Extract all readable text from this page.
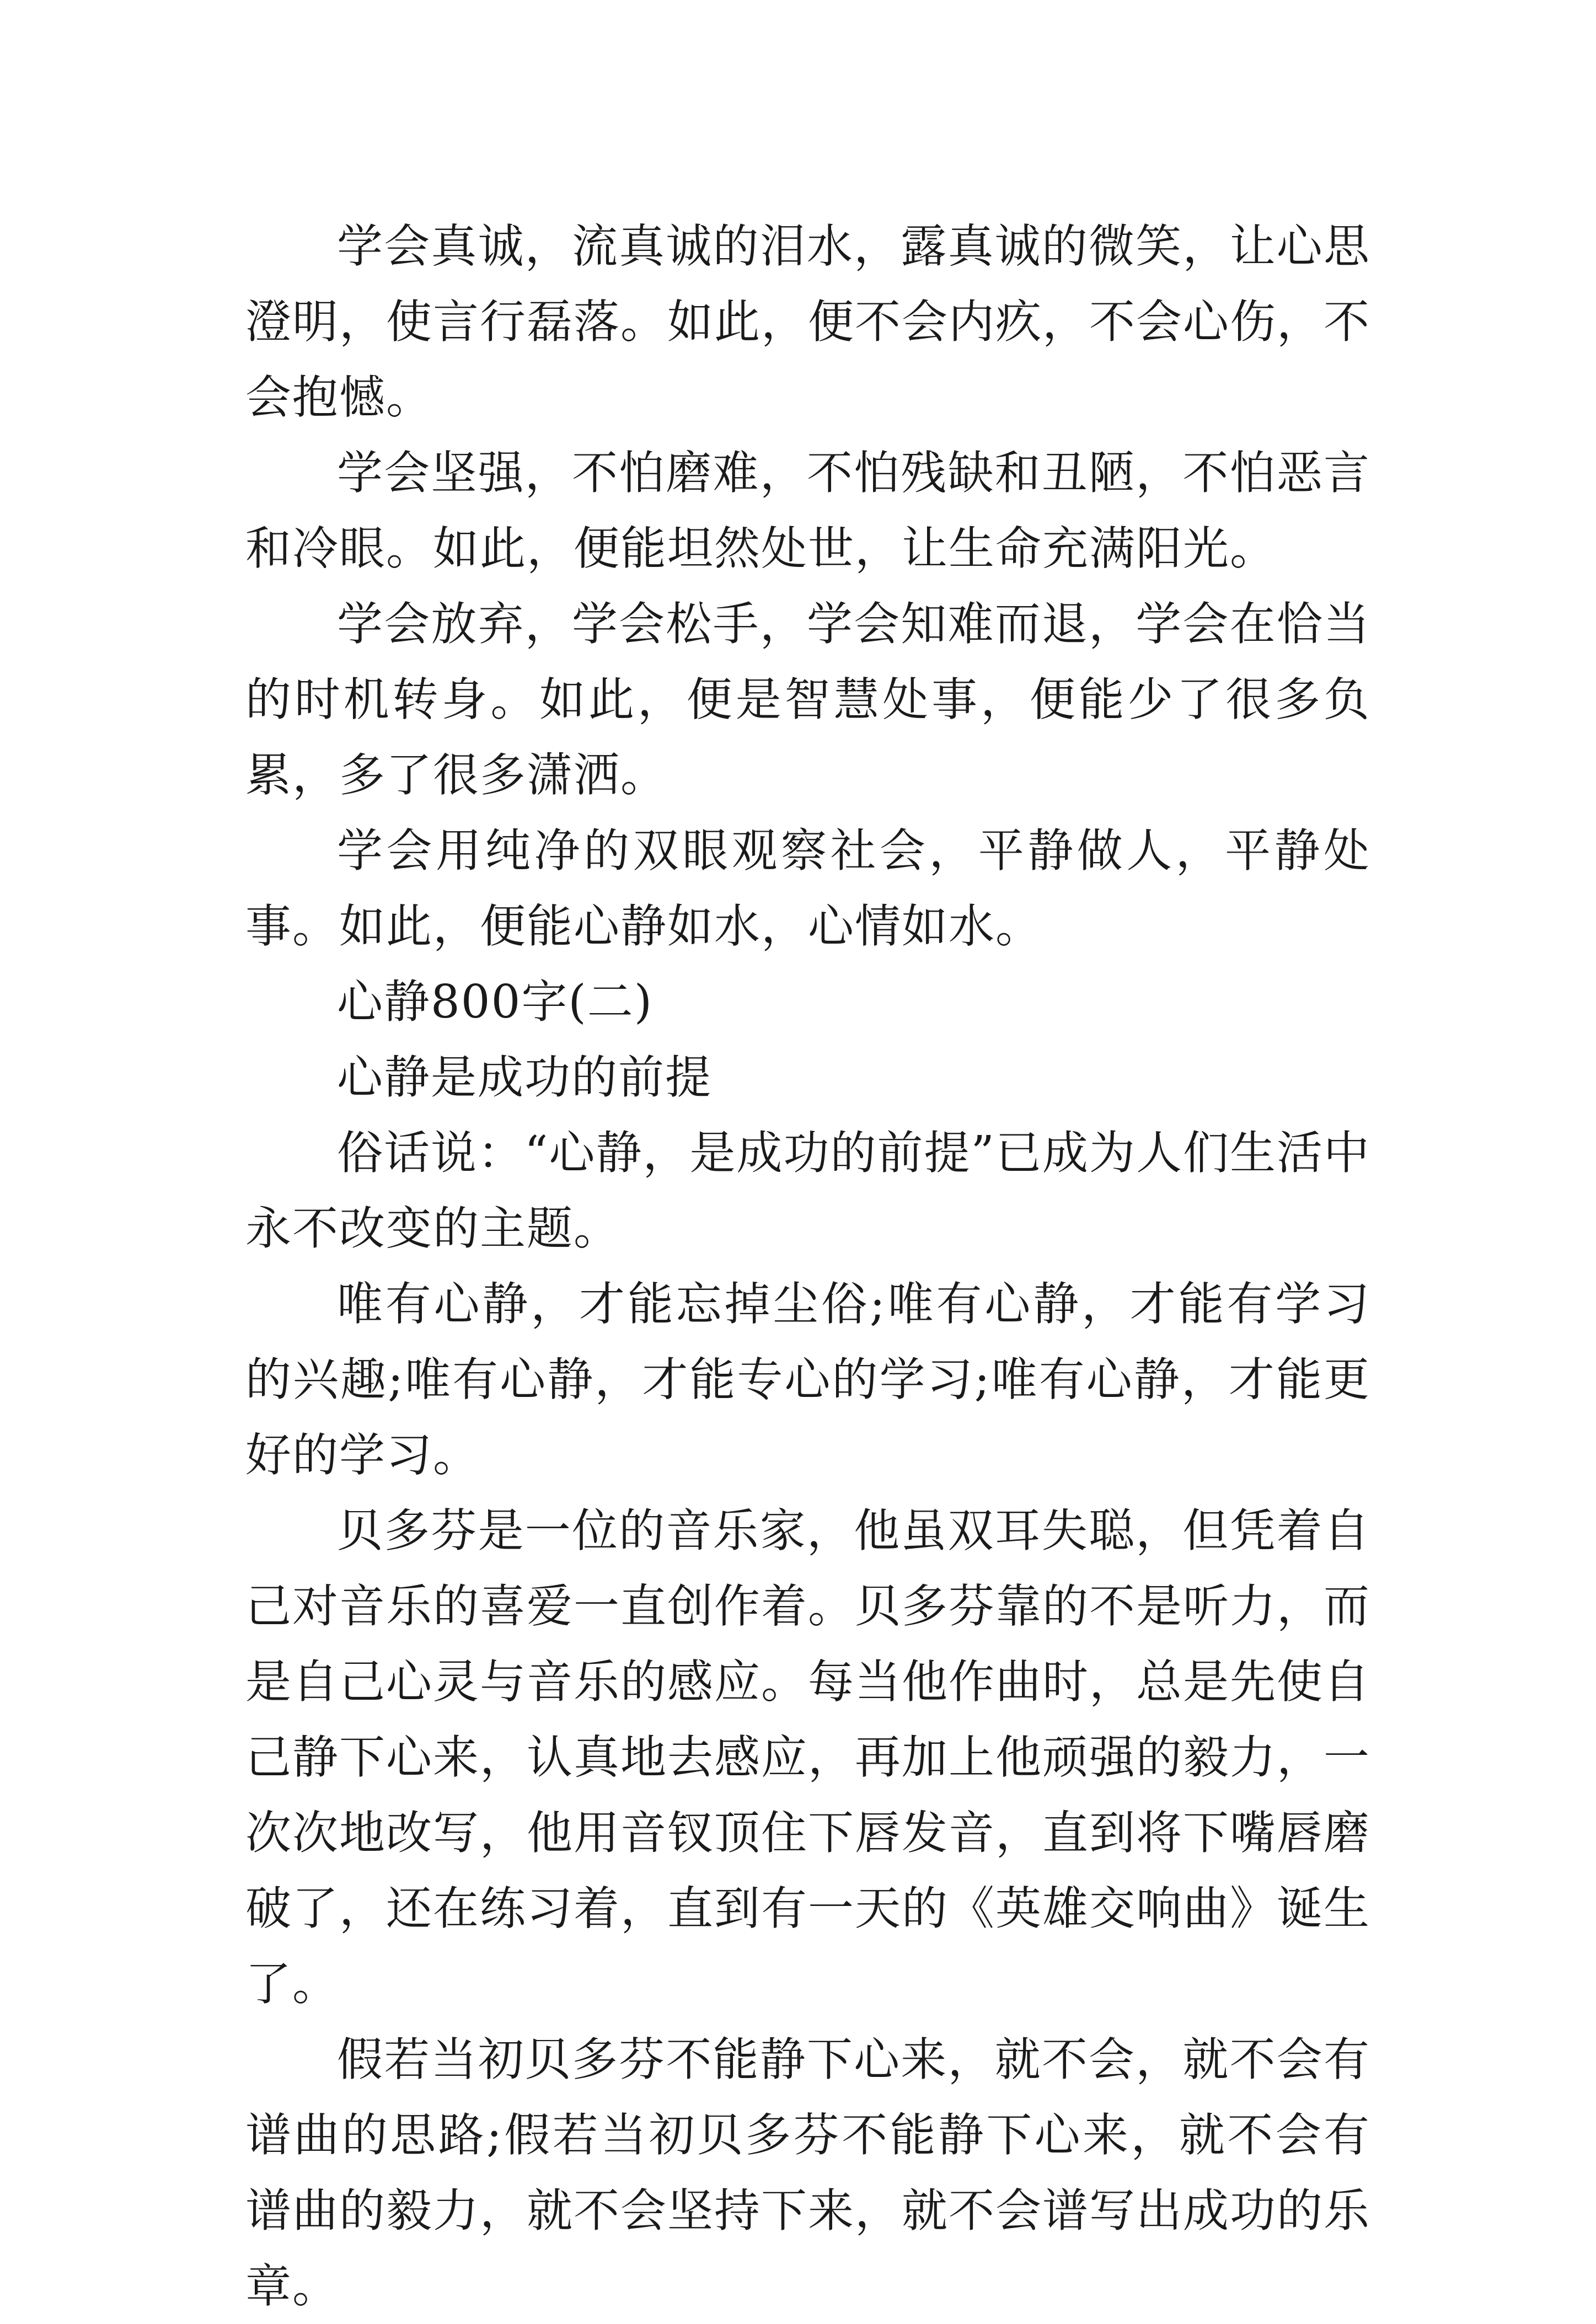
学会真诚，流真诚的泪水，露真诚的微笑，让心思澄明，使言行磊落。如此，便不会内疚，不会心伤，不会抱憾。

学会坚强，不怕磨难，不怕残缺和丑陋，不怕恶言和冷眼。如此，便能坦然处世，让生命充满阳光。

学会放弃，学会松手，学会知难而退，学会在恰当的时机转身。如此，便是智慧处事，便能少了很多负累，多了很多潇洒。

学会用纯净的双眼观察社会，平静做人，平静处事。如此，便能心静如水，心情如水。

心静800字(二)

心静是成功的前提

俗话说：“心静，是成功的前提”已成为人们生活中永不改变的主题。

唯有心静，才能忘掉尘俗;唯有心静，才能有学习的兴趣;唯有心静，才能专心的学习;唯有心静，才能更好的学习。

贝多芬是一位的音乐家，他虽双耳失聪，但凭着自己对音乐的喜爱一直创作着。贝多芬靠的不是听力，而是自己心灵与音乐的感应。每当他作曲时，总是先使自己静下心来，认真地去感应，再加上他顽强的毅力，一次次地改写，他用音钗顶住下唇发音，直到将下嘴唇磨破了，还在练习着，直到有一天的《英雄交响曲》诞生了。

假若当初贝多芬不能静下心来，就不会，就不会有谱曲的思路;假若当初贝多芬不能静下心来，就不会有谱曲的毅力，就不会坚持下来，就不会谱写出成功的乐章。
